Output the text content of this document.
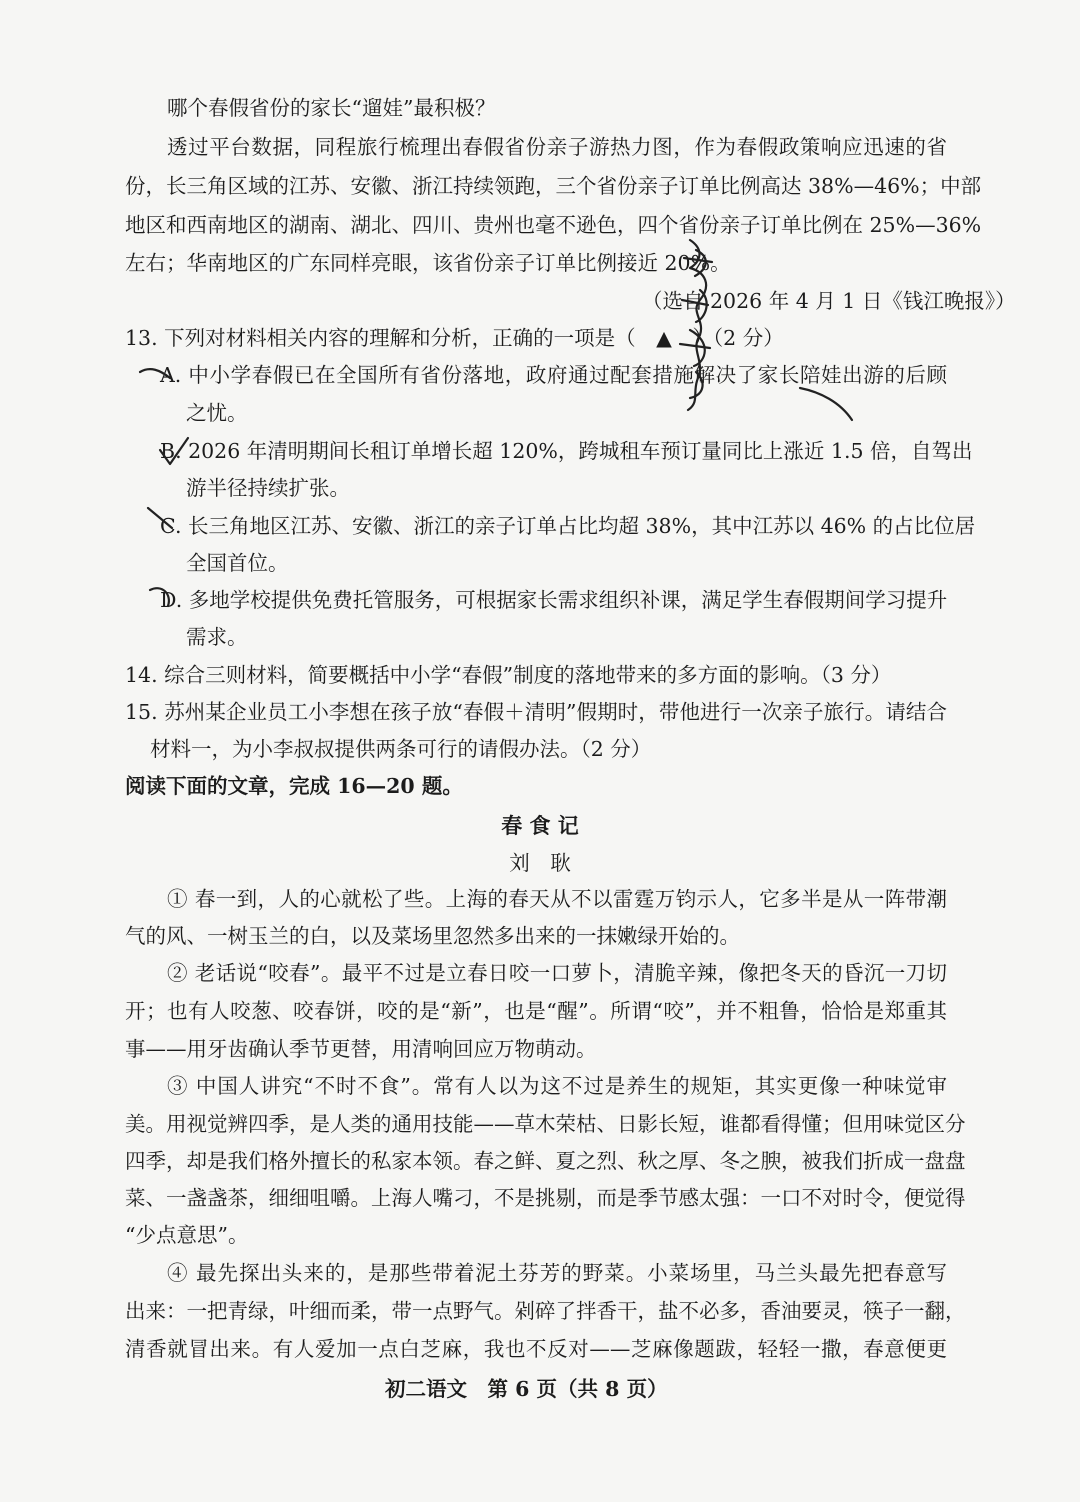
哪个春假省份的家长“遛娃”最积极？
透过平台数据，同程旅行梳理出春假省份亲子游热力图，作为春假政策响应迅速的省
份，长三角区域的江苏、安徽、浙江持续领跑，三个省份亲子订单比例高达 38%—46%；中部
地区和西南地区的湖南、湖北、四川、贵州也毫不逊色，四个省份亲子订单比例在 25%—36%
左右；华南地区的广东同样亮眼，该省份亲子订单比例接近 20%。
（选自 2026 年 4 月 1 日《钱江晚报》）
13. 下列对材料相关内容的理解和分析，正确的一项是（　▲　）（2 分）
A. 中小学春假已在全国所有省份落地，政府通过配套措施解决了家长陪娃出游的后顾
之忧。
B. 2026 年清明期间长租订单增长超 120%，跨城租车预订量同比上涨近 1.5 倍，自驾出
游半径持续扩张。
C. 长三角地区江苏、安徽、浙江的亲子订单占比均超 38%，其中江苏以 46% 的占比位居
全国首位。
D. 多地学校提供免费托管服务，可根据家长需求组织补课，满足学生春假期间学习提升
需求。
14. 综合三则材料，简要概括中小学“春假”制度的落地带来的多方面的影响。（3 分）
15. 苏州某企业员工小李想在孩子放“春假＋清明”假期时，带他进行一次亲子旅行。请结合
材料一，为小李叔叔提供两条可行的请假办法。（2 分）
阅读下面的文章，完成 16—20 题。
春 食 记
刘　耿
① 春一到，人的心就松了些。上海的春天从不以雷霆万钧示人，它多半是从一阵带潮
气的风、一树玉兰的白，以及菜场里忽然多出来的一抹嫩绿开始的。
② 老话说“咬春”。最平不过是立春日咬一口萝卜，清脆辛辣，像把冬天的昏沉一刀切
开；也有人咬葱、咬春饼，咬的是“新”，也是“醒”。所谓“咬”，并不粗鲁，恰恰是郑重其
事——用牙齿确认季节更替，用清响回应万物萌动。
③ 中国人讲究“不时不食”。常有人以为这不过是养生的规矩，其实更像一种味觉审
美。用视觉辨四季，是人类的通用技能——草木荣枯、日影长短，谁都看得懂；但用味觉区分
四季，却是我们格外擅长的私家本领。春之鲜、夏之烈、秋之厚、冬之腴，被我们折成一盘盘
菜、一盏盏茶，细细咀嚼。上海人嘴刁，不是挑剔，而是季节感太强：一口不对时令，便觉得
“少点意思”。
④ 最先探出头来的，是那些带着泥土芬芳的野菜。小菜场里，马兰头最先把春意写
出来：一把青绿，叶细而柔，带一点野气。剁碎了拌香干，盐不必多，香油要灵，筷子一翻，
清香就冒出来。有人爱加一点白芝麻，我也不反对——芝麻像题跋，轻轻一撒，春意便更
初二语文　第 6 页（共 8 页）
